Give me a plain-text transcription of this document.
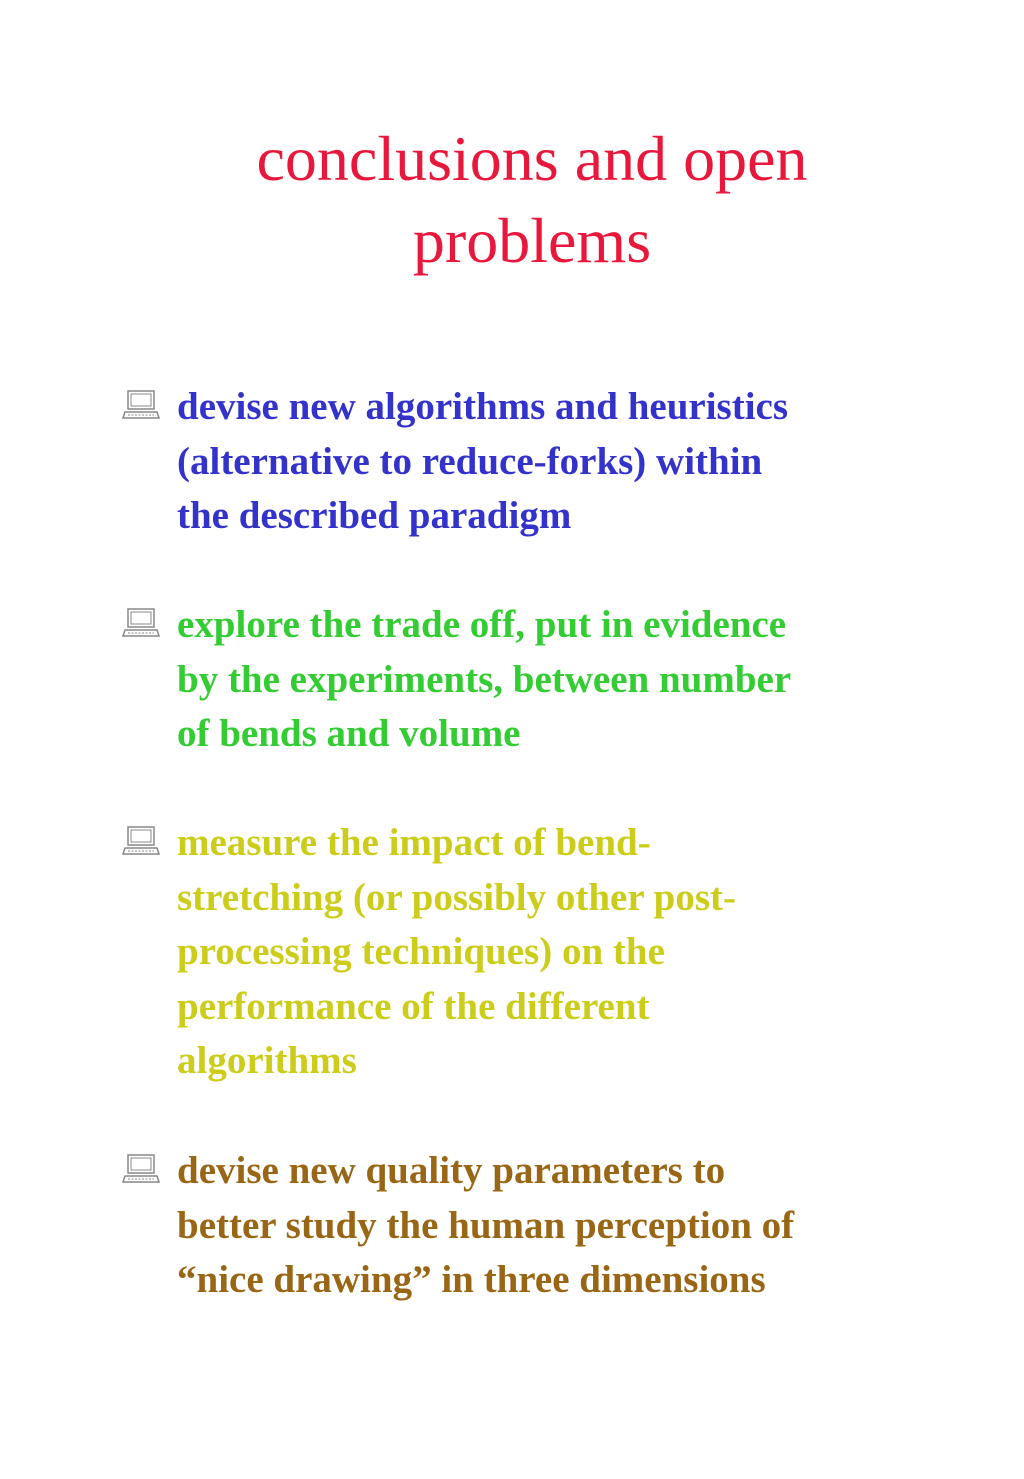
conclusions and open
problems
devise new algorithms and heuristics
(alternative to reduce-forks) within
the described paradigm
explore the trade off, put in evidence
by the experiments, between number
of bends and volume
measure the impact of bend-
stretching (or possibly other post-
processing techniques) on the
performance of the different
algorithms
devise new quality parameters to
better study the human perception of
“nice drawing” in three dimensions
